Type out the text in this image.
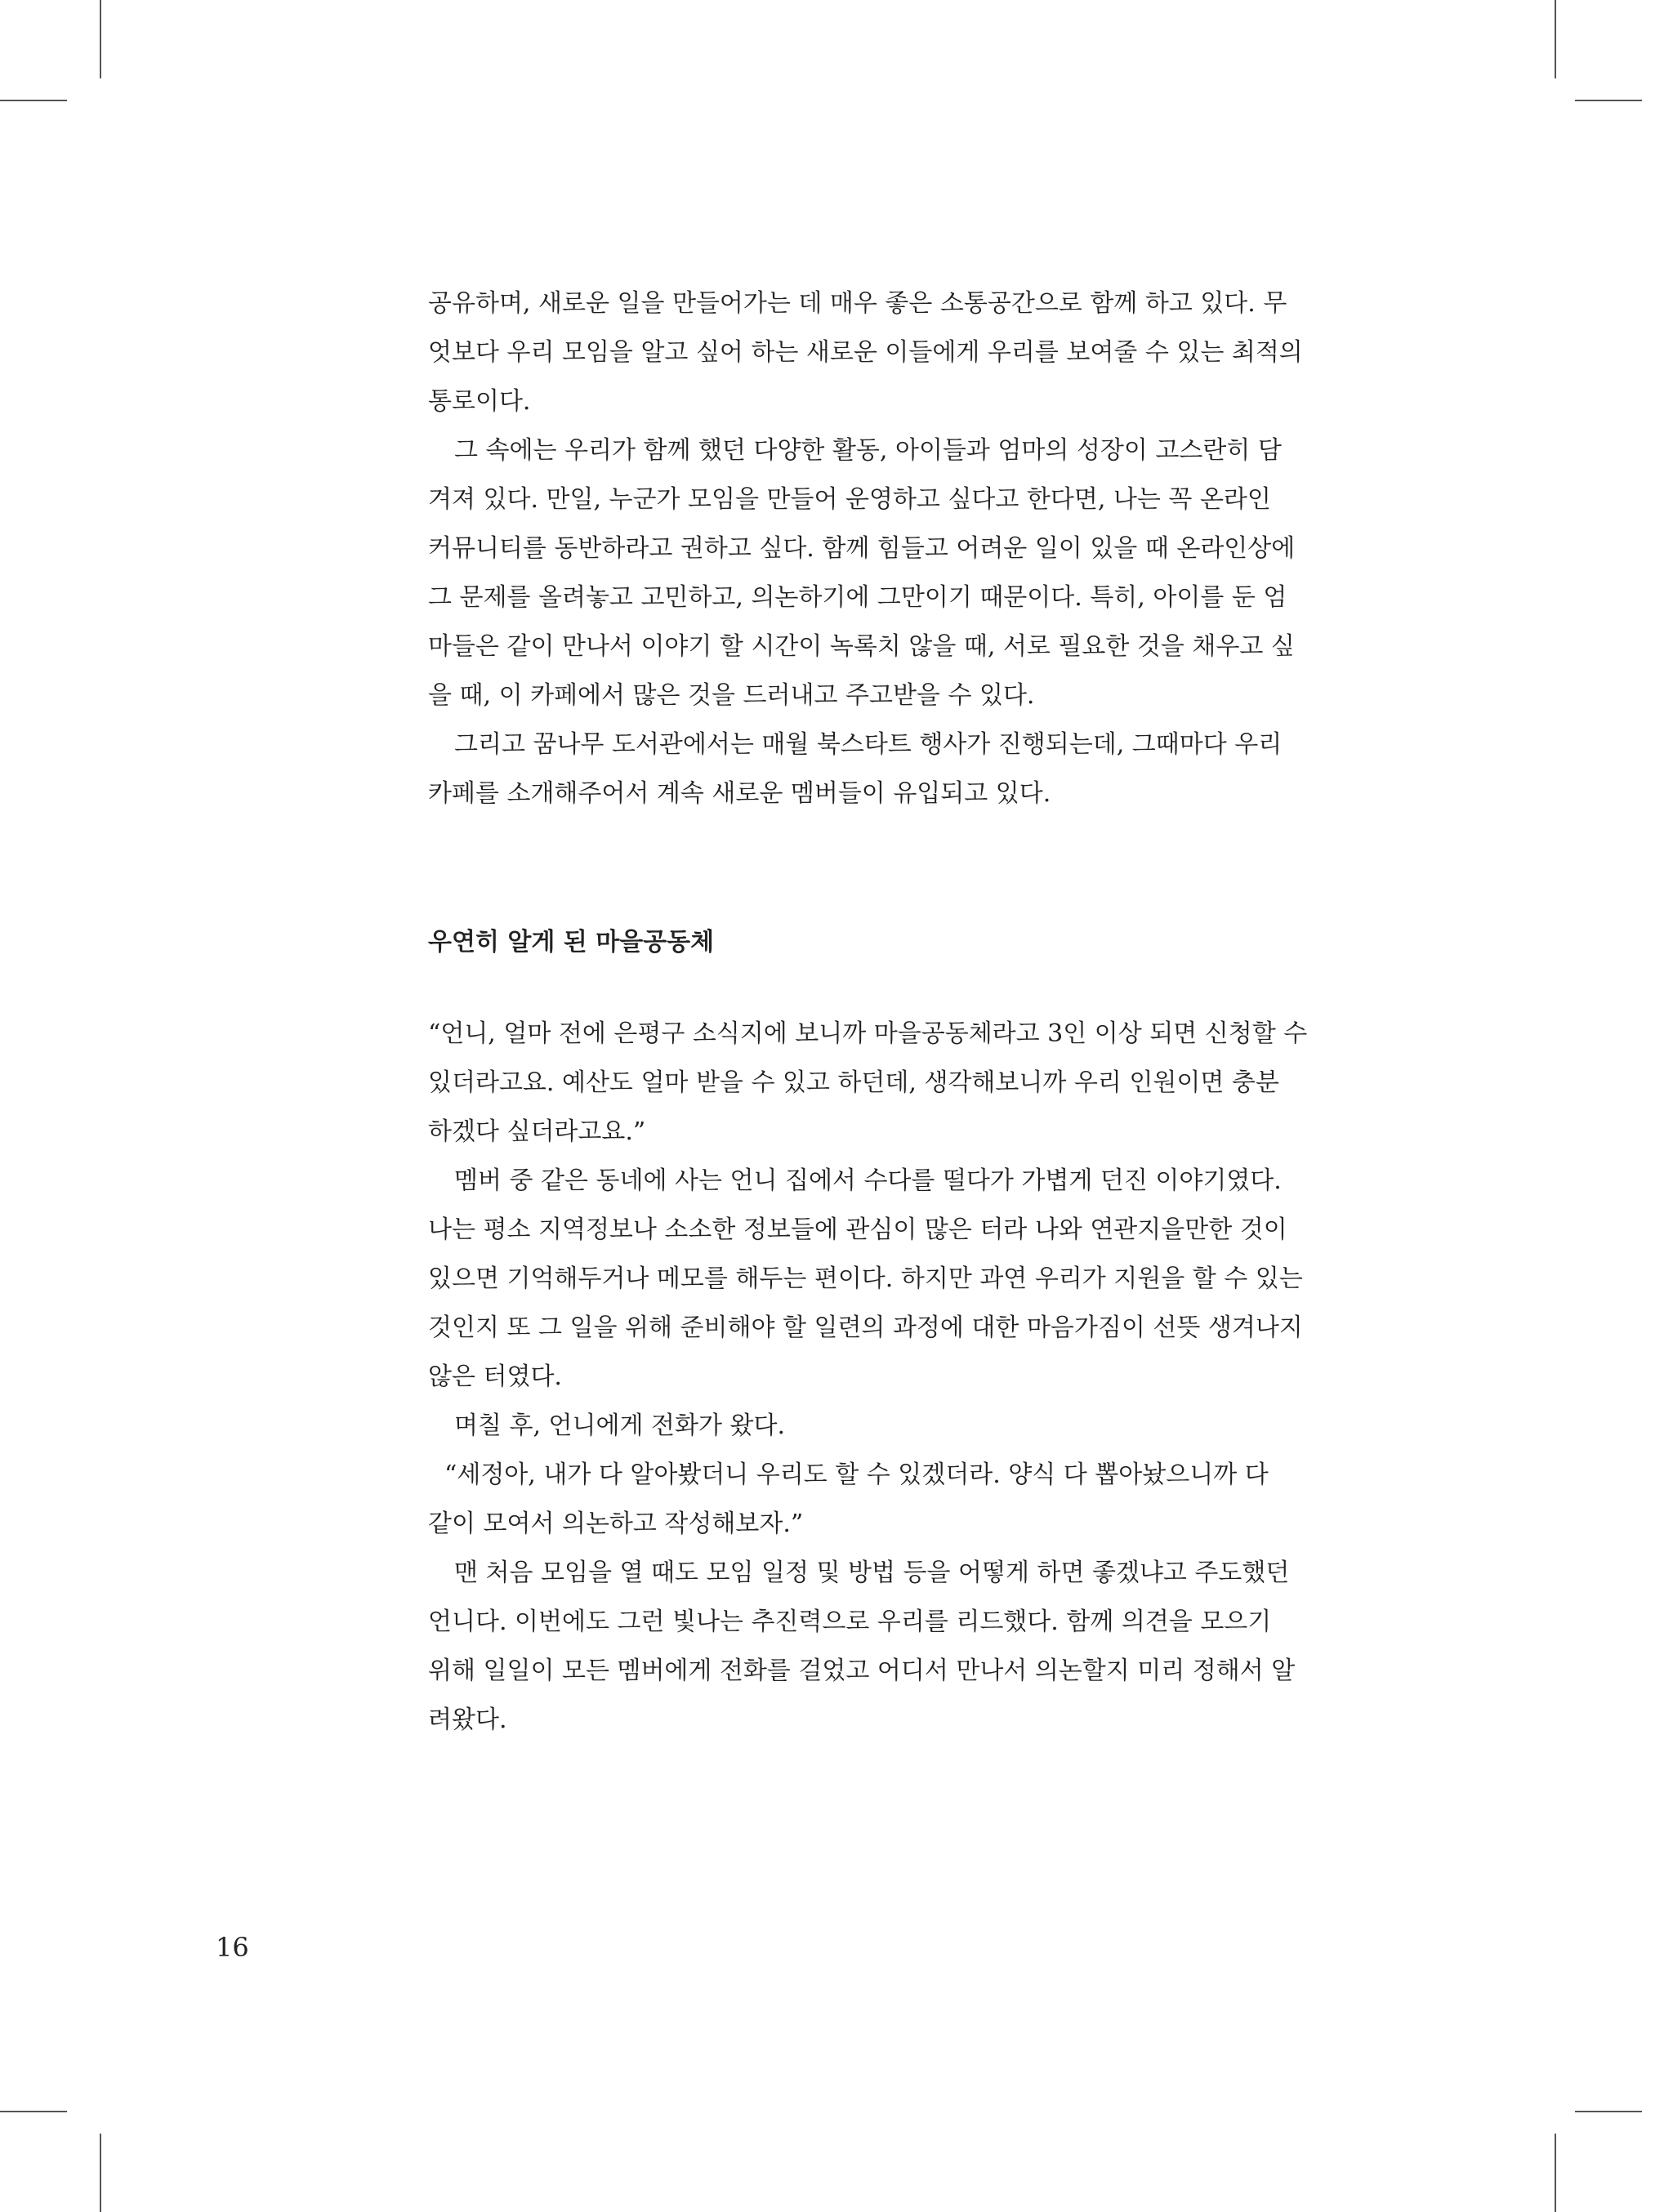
공유하며, 새로운 일을 만들어가는 데 매우 좋은 소통공간으로 함께 하고 있다. 무
엇보다 우리 모임을 알고 싶어 하는 새로운 이들에게 우리를 보여줄 수 있는 최적의
통로이다.
그 속에는 우리가 함께 했던 다양한 활동, 아이들과 엄마의 성장이 고스란히 담
겨져 있다. 만일, 누군가 모임을 만들어 운영하고 싶다고 한다면, 나는 꼭 온라인
커뮤니티를 동반하라고 권하고 싶다. 함께 힘들고 어려운 일이 있을 때 온라인상에
그 문제를 올려놓고 고민하고, 의논하기에 그만이기 때문이다. 특히, 아이를 둔 엄
마들은 같이 만나서 이야기 할 시간이 녹록치 않을 때, 서로 필요한 것을 채우고 싶
을 때, 이 카페에서 많은 것을 드러내고 주고받을 수 있다.
그리고 꿈나무 도서관에서는 매월 북스타트 행사가 진행되는데, 그때마다 우리
카페를 소개해주어서 계속 새로운 멤버들이 유입되고 있다.
우연히 알게 된 마을공동체
“언니, 얼마 전에 은평구 소식지에 보니까 마을공동체라고 3인 이상 되면 신청할 수
있더라고요. 예산도 얼마 받을 수 있고 하던데, 생각해보니까 우리 인원이면 충분
하겠다 싶더라고요.”
멤버 중 같은 동네에 사는 언니 집에서 수다를 떨다가 가볍게 던진 이야기였다.
나는 평소 지역정보나 소소한 정보들에 관심이 많은 터라 나와 연관지을만한 것이
있으면 기억해두거나 메모를 해두는 편이다. 하지만 과연 우리가 지원을 할 수 있는
것인지 또 그 일을 위해 준비해야 할 일련의 과정에 대한 마음가짐이 선뜻 생겨나지
않은 터였다.
며칠 후, 언니에게 전화가 왔다.
“세정아, 내가 다 알아봤더니 우리도 할 수 있겠더라. 양식 다 뽑아놨으니까 다
같이 모여서 의논하고 작성해보자.”
맨 처음 모임을 열 때도 모임 일정 및 방법 등을 어떻게 하면 좋겠냐고 주도했던
언니다. 이번에도 그런 빛나는 추진력으로 우리를 리드했다. 함께 의견을 모으기
위해 일일이 모든 멤버에게 전화를 걸었고 어디서 만나서 의논할지 미리 정해서 알
려왔다.
16
